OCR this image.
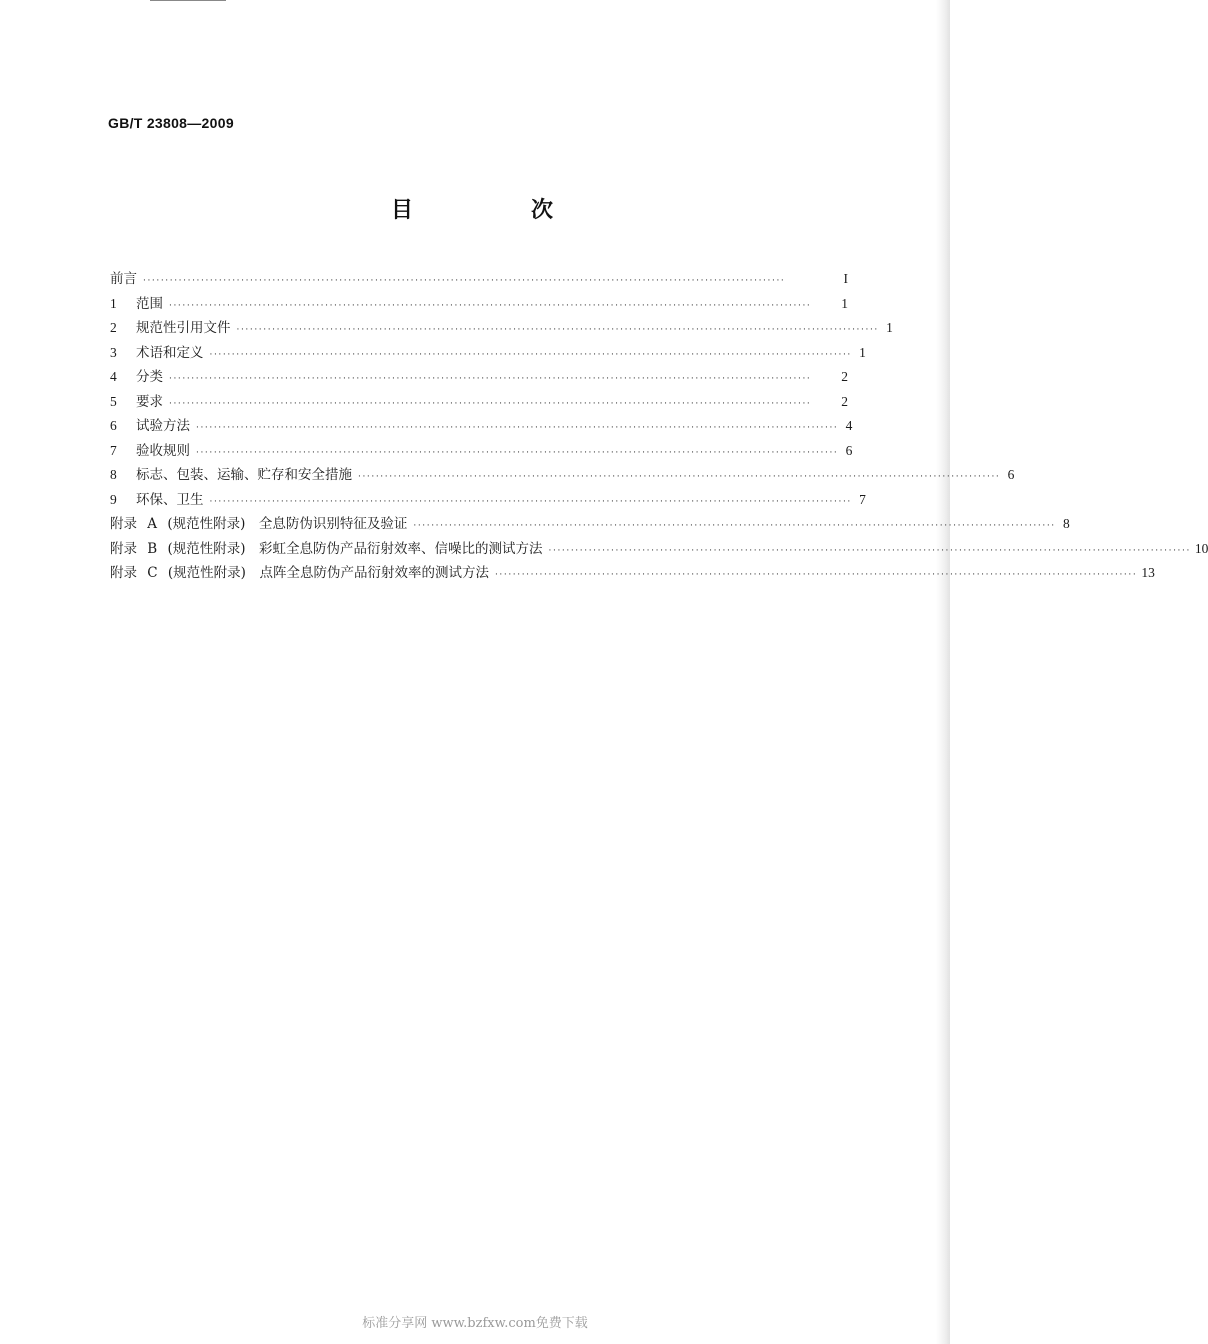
GB/T 23808—2009
目　次
前言 ················································································································································	I
1	范围 ················································································································································	1
2	规范性引用文件 ················································································································································ 1
3	术语和定义 ················································································································································ 1
4	分类 ················································································································································	2
5	要求 ················································································································································	2
6	试验方法 ················································································································································ 4
7	验收规则 ················································································································································ 6
8	标志、包装、运输、贮存和安全措施 ················································································································································ 6
9	环保、卫生 ················································································································································ 7
附录 A (规范性附录)　全息防伪识别特征及验证 ················································································································································ 8
附录 B (规范性附录)　彩虹全息防伪产品衍射效率、信噪比的测试方法 ················································································································································ 10
附录 C (规范性附录)　点阵全息防伪产品衍射效率的测试方法 ················································································································································ 13
标准分享网 www.bzfxw.com免费下载
